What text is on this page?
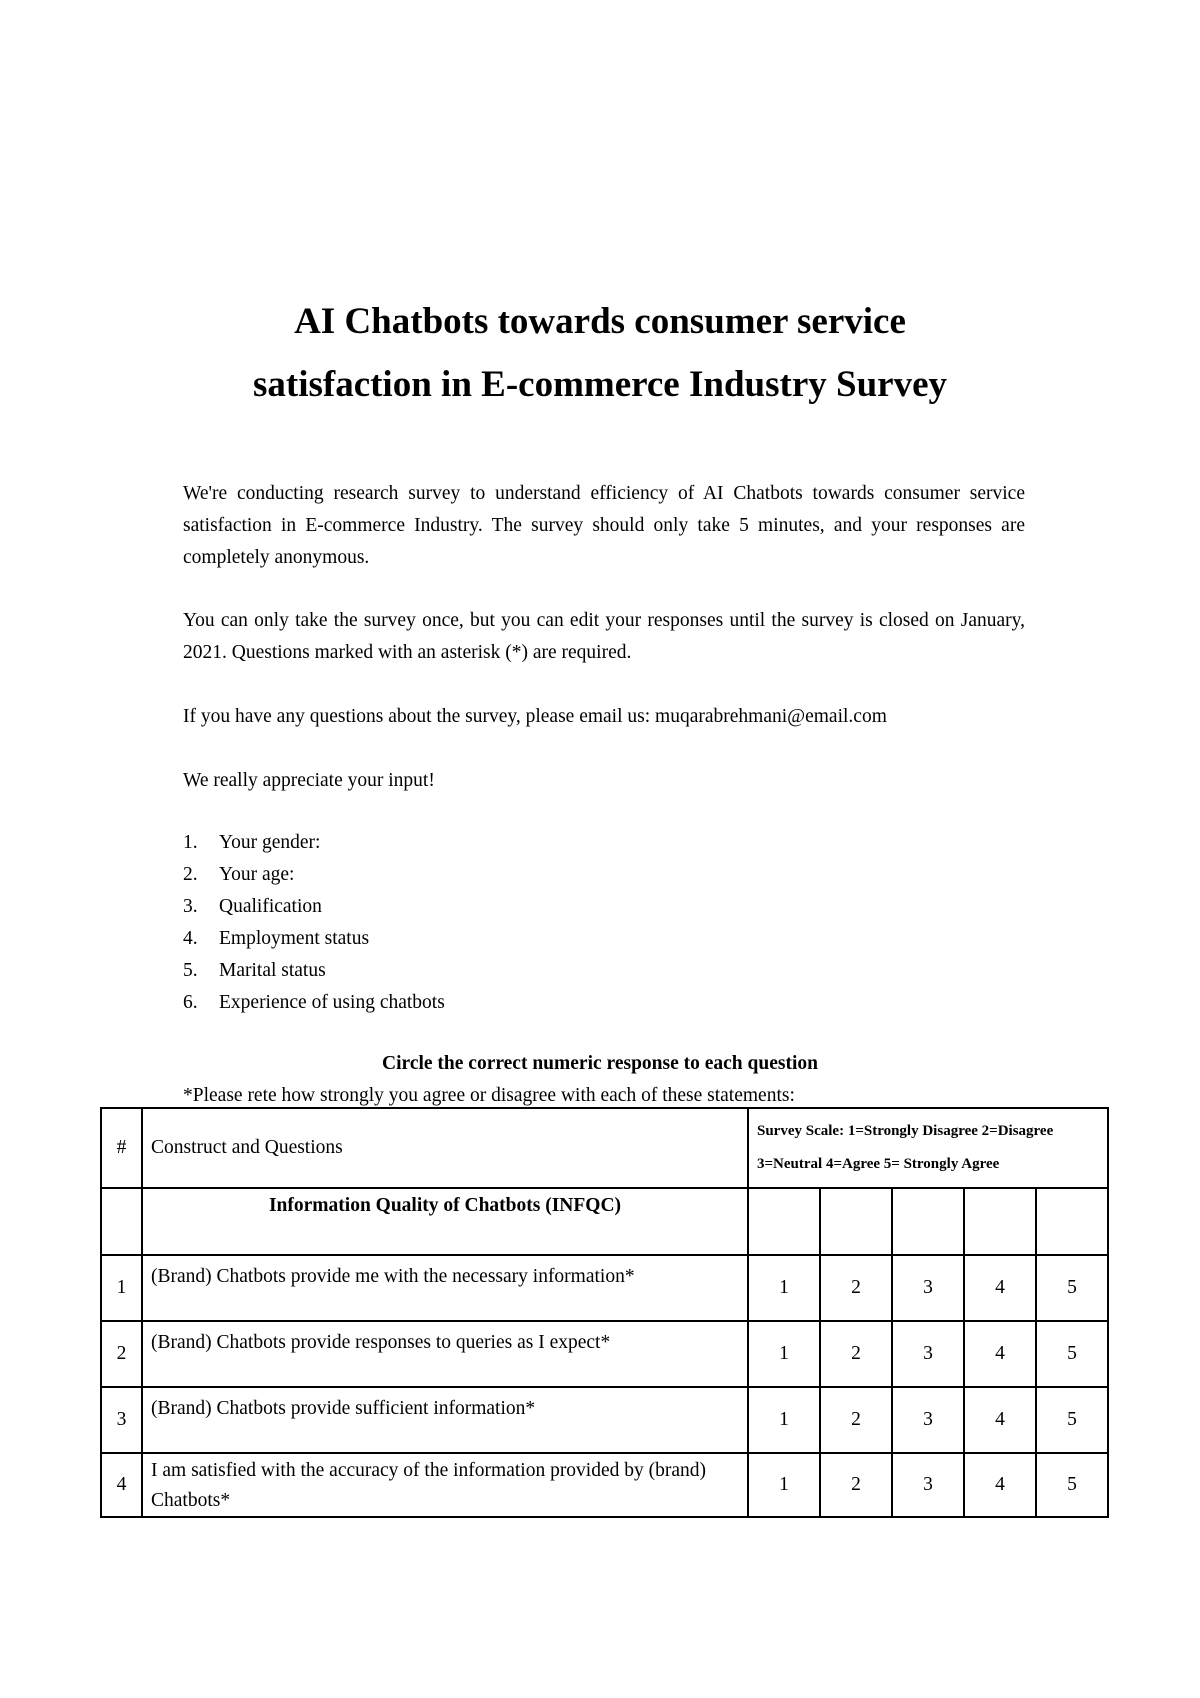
AI Chatbots towards consumer service
satisfaction in E-commerce Industry Survey

We're conducting research survey to understand efficiency of AI Chatbots towards consumer service satisfaction in E-commerce Industry. The survey should only take 5 minutes, and your responses are completely anonymous.

You can only take the survey once, but you can edit your responses until the survey is closed on January, 2021. Questions marked with an asterisk (*) are required.

If you have any questions about the survey, please email us: muqarabrehmani@email.com

We really appreciate your input!

1.	Your gender:
2.	Your age:
3.	Qualification
4.	Employment status
5.	Marital status
6.	Experience of using chatbots

Circle the correct numeric response to each question

*Please rete how strongly you agree or disagree with each of these statements:

#	Construct and Questions	Survey Scale: 1=Strongly Disagree 2=Disagree
3=Neutral 4=Agree 5= Strongly Agree				

	Information Quality of Chatbots (INFQC)					
1	(Brand) Chatbots provide me with the necessary information*	1	2	3	4	5
2	(Brand) Chatbots provide responses to queries as I expect*	1	2	3	4	5
3	(Brand) Chatbots provide sufficient information*	1	2	3	4	5
4	I am satisfied with the accuracy of the information provided by (brand) Chatbots*	1	2	3	4	5
